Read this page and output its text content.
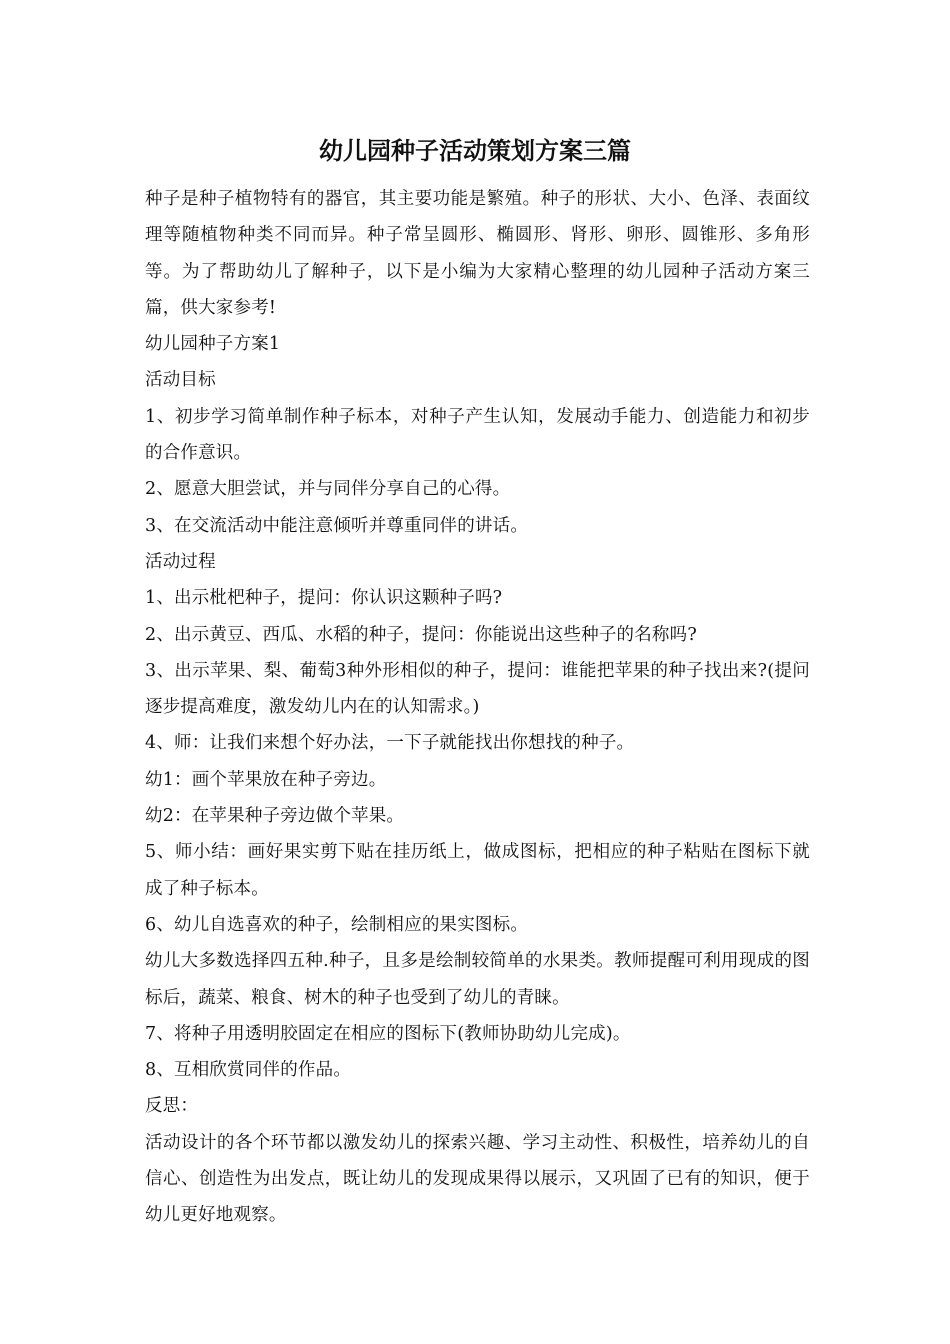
幼儿园种子活动策划方案三篇

种子是种子植物特有的器官，其主要功能是繁殖。种子的形状、大小、色泽、表面纹理等随植物种类不同而异。种子常呈圆形、椭圆形、肾形、卵形、圆锥形、多角形等。为了帮助幼儿了解种子，以下是小编为大家精心整理的幼儿园种子活动方案三篇，供大家参考!

幼儿园种子方案1

活动目标

1、初步学习简单制作种子标本，对种子产生认知，发展动手能力、创造能力和初步的合作意识。

2、愿意大胆尝试，并与同伴分享自己的心得。

3、在交流活动中能注意倾听并尊重同伴的讲话。

活动过程

1、出示枇杷种子，提问：你认识这颗种子吗?

2、出示黄豆、西瓜、水稻的种子，提问：你能说出这些种子的名称吗?

3、出示苹果、梨、葡萄3种外形相似的种子，提问：谁能把苹果的种子找出来?(提问逐步提高难度，激发幼儿内在的认知需求。)

4、师：让我们来想个好办法，一下子就能找出你想找的种子。

幼1：画个苹果放在种子旁边。

幼2：在苹果种子旁边做个苹果。

5、师小结：画好果实剪下贴在挂历纸上，做成图标，把相应的种子粘贴在图标下就成了种子标本。

6、幼儿自选喜欢的种子，绘制相应的果实图标。

幼儿大多数选择四五种.种子，且多是绘制较简单的水果类。教师提醒可利用现成的图标后，蔬菜、粮食、树木的种子也受到了幼儿的青睐。

7、将种子用透明胶固定在相应的图标下(教师协助幼儿完成)。

8、互相欣赏同伴的作品。

反思：

活动设计的各个环节都以激发幼儿的探索兴趣、学习主动性、积极性，培养幼儿的自信心、创造性为出发点，既让幼儿的发现成果得以展示，又巩固了已有的知识，便于幼儿更好地观察。
